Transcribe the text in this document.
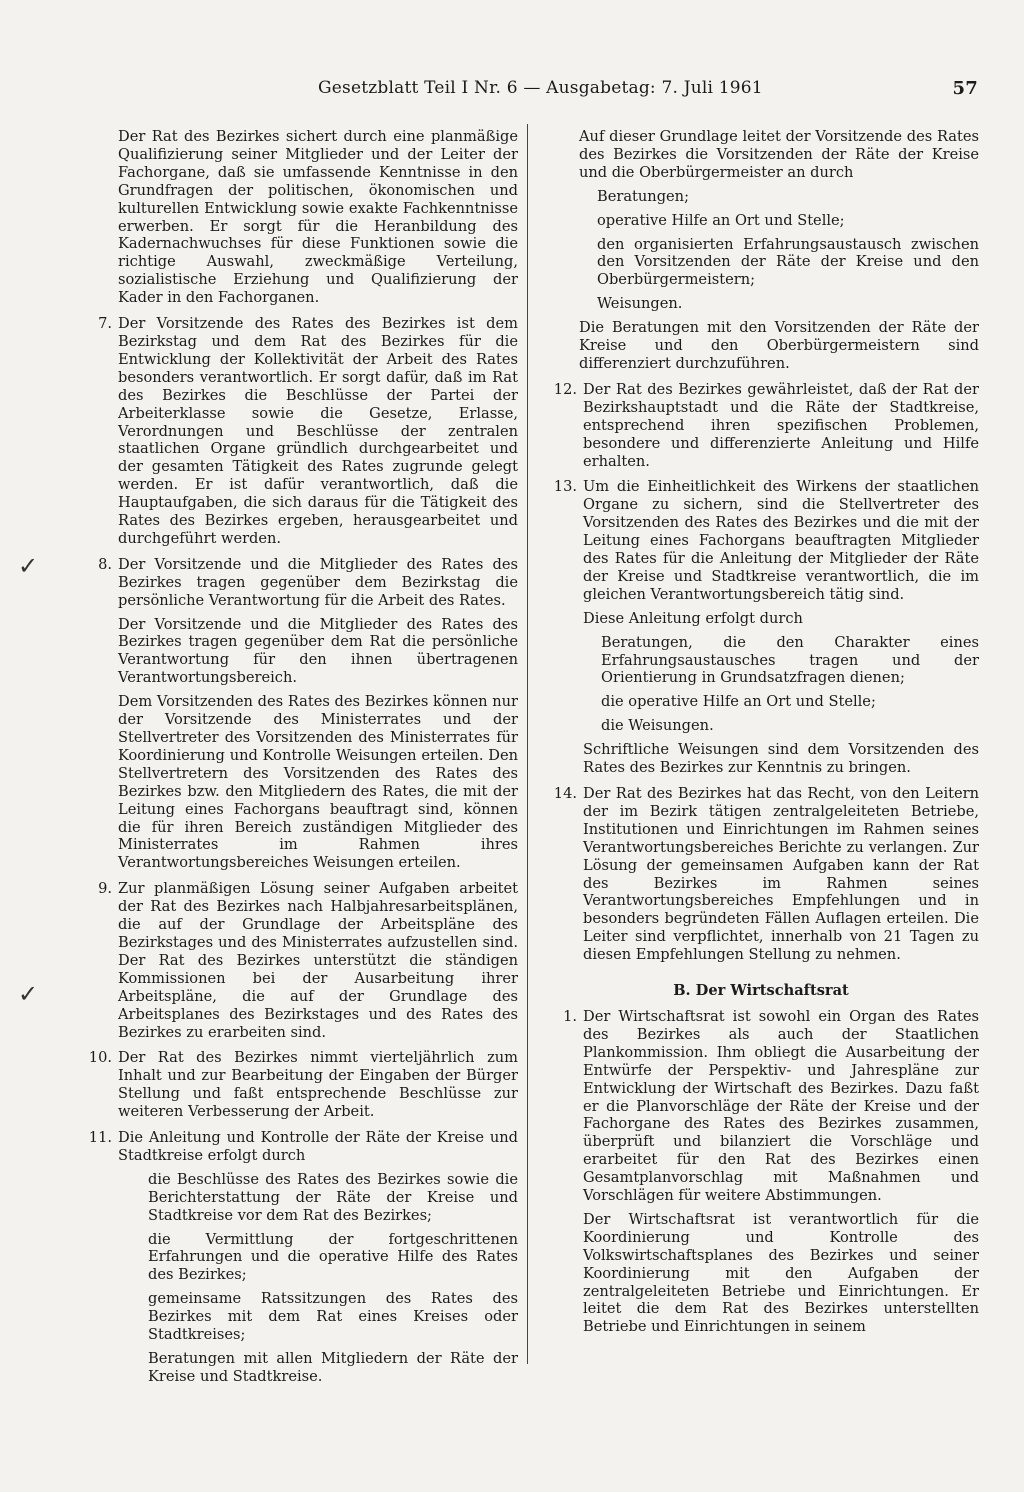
Gesetzblatt Teil I Nr. 6 — Ausgabetag: 7. Juli 1961	57
✓
✓

Der Rat des Bezirkes sichert durch eine planmäßige Qualifizierung seiner Mitglieder und der Leiter der Fachorgane, daß sie umfassende Kenntnisse in den Grundfragen der politischen, ökonomischen und kulturellen Entwicklung sowie exakte Fachkenntnisse erwerben. Er sorgt für die Heranbildung des Kadernachwuchses für diese Funktionen sowie die richtige Auswahl, zweckmäßige Verteilung, sozialistische Erziehung und Qualifizierung der Kader in den Fachorganen.

7. Der Vorsitzende des Rates des Bezirkes ist dem Bezirkstag und dem Rat des Bezirkes für die Entwicklung der Kollektivität der Arbeit des Rates besonders verantwortlich. Er sorgt dafür, daß im Rat des Bezirkes die Beschlüsse der Partei der Arbeiterklasse sowie die Gesetze, Erlasse, Verordnungen und Beschlüsse der zentralen staatlichen Organe gründlich durchgearbeitet und der gesamten Tätigkeit des Rates zugrunde gelegt werden. Er ist dafür verantwortlich, daß die Hauptaufgaben, die sich daraus für die Tätigkeit des Rates des Bezirkes ergeben, herausgearbeitet und durchgeführt werden.

8. Der Vorsitzende und die Mitglieder des Rates des Bezirkes tragen gegenüber dem Bezirkstag die persönliche Verantwortung für die Arbeit des Rates.

Der Vorsitzende und die Mitglieder des Rates des Bezirkes tragen gegenüber dem Rat die persönliche Verantwortung für den ihnen übertragenen Verantwortungsbereich.

Dem Vorsitzenden des Rates des Bezirkes können nur der Vorsitzende des Ministerrates und der Stellvertreter des Vorsitzenden des Ministerrates für Koordinierung und Kontrolle Weisungen erteilen. Den Stellvertretern des Vorsitzenden des Rates des Bezirkes bzw. den Mitgliedern des Rates, die mit der Leitung eines Fachorgans beauftragt sind, können die für ihren Bereich zuständigen Mitglieder des Ministerrates im Rahmen ihres Verantwortungsbereiches Weisungen erteilen.

9. Zur planmäßigen Lösung seiner Aufgaben arbeitet der Rat des Bezirkes nach Halbjahresarbeitsplänen, die auf der Grundlage der Arbeitspläne des Bezirkstages und des Ministerrates aufzustellen sind. Der Rat des Bezirkes unterstützt die ständigen Kommissionen bei der Ausarbeitung ihrer Arbeitspläne, die auf der Grundlage des Arbeitsplanes des Bezirkstages und des Rates des Bezirkes zu erarbeiten sind.

10. Der Rat des Bezirkes nimmt vierteljährlich zum Inhalt und zur Bearbeitung der Eingaben der Bürger Stellung und faßt entsprechende Beschlüsse zur weiteren Verbesserung der Arbeit.

11. Die Anleitung und Kontrolle der Räte der Kreise und Stadtkreise erfolgt durch

die Beschlüsse des Rates des Bezirkes sowie die Berichterstattung der Räte der Kreise und Stadtkreise vor dem Rat des Bezirkes;

die Vermittlung der fortgeschrittenen Erfahrungen und die operative Hilfe des Rates des Bezirkes;

gemeinsame Ratssitzungen des Rates des Bezirkes mit dem Rat eines Kreises oder Stadtkreises;

Beratungen mit allen Mitgliedern der Räte der Kreise und Stadtkreise.

Auf dieser Grundlage leitet der Vorsitzende des Rates des Bezirkes die Vorsitzenden der Räte der Kreise und die Oberbürgermeister an durch

Beratungen;

operative Hilfe an Ort und Stelle;

den organisierten Erfahrungsaustausch zwischen den Vorsitzenden der Räte der Kreise und den Oberbürgermeistern;

Weisungen.

Die Beratungen mit den Vorsitzenden der Räte der Kreise und den Oberbürgermeistern sind differenziert durchzuführen.

12. Der Rat des Bezirkes gewährleistet, daß der Rat der Bezirkshauptstadt und die Räte der Stadtkreise, entsprechend ihren spezifischen Problemen, besondere und differenzierte Anleitung und Hilfe erhalten.

13. Um die Einheitlichkeit des Wirkens der staatlichen Organe zu sichern, sind die Stellvertreter des Vorsitzenden des Rates des Bezirkes und die mit der Leitung eines Fachorgans beauftragten Mitglieder des Rates für die Anleitung der Mitglieder der Räte der Kreise und Stadtkreise verantwortlich, die im gleichen Verantwortungsbereich tätig sind.

Diese Anleitung erfolgt durch

Beratungen, die den Charakter eines Erfahrungsaustausches tragen und der Orientierung in Grundsatzfragen dienen;

die operative Hilfe an Ort und Stelle;

die Weisungen.

Schriftliche Weisungen sind dem Vorsitzenden des Rates des Bezirkes zur Kenntnis zu bringen.

14. Der Rat des Bezirkes hat das Recht, von den Leitern der im Bezirk tätigen zentralgeleiteten Betriebe, Institutionen und Einrichtungen im Rahmen seines Verantwortungsbereiches Berichte zu verlangen. Zur Lösung der gemeinsamen Aufgaben kann der Rat des Bezirkes im Rahmen seines Verantwortungsbereiches Empfehlungen und in besonders begründeten Fällen Auflagen erteilen. Die Leiter sind verpflichtet, innerhalb von 21 Tagen zu diesen Empfehlungen Stellung zu nehmen.

B. Der Wirtschaftsrat
1. Der Wirtschaftsrat ist sowohl ein Organ des Rates des Bezirkes als auch der Staatlichen Plankommission. Ihm obliegt die Ausarbeitung der Entwürfe der Perspektiv- und Jahrespläne zur Entwicklung der Wirtschaft des Bezirkes. Dazu faßt er die Planvorschläge der Räte der Kreise und der Fachorgane des Rates des Bezirkes zusammen, überprüft und bilanziert die Vorschläge und erarbeitet für den Rat des Bezirkes einen Gesamtplanvorschlag mit Maßnahmen und Vorschlägen für weitere Abstimmungen.

Der Wirtschaftsrat ist verantwortlich für die Koordinierung und Kontrolle des Volkswirtschaftsplanes des Bezirkes und seiner Koordinierung mit den Aufgaben der zentralgeleiteten Betriebe und Einrichtungen. Er leitet die dem Rat des Bezirkes unterstellten Betriebe und Einrichtungen in seinem
